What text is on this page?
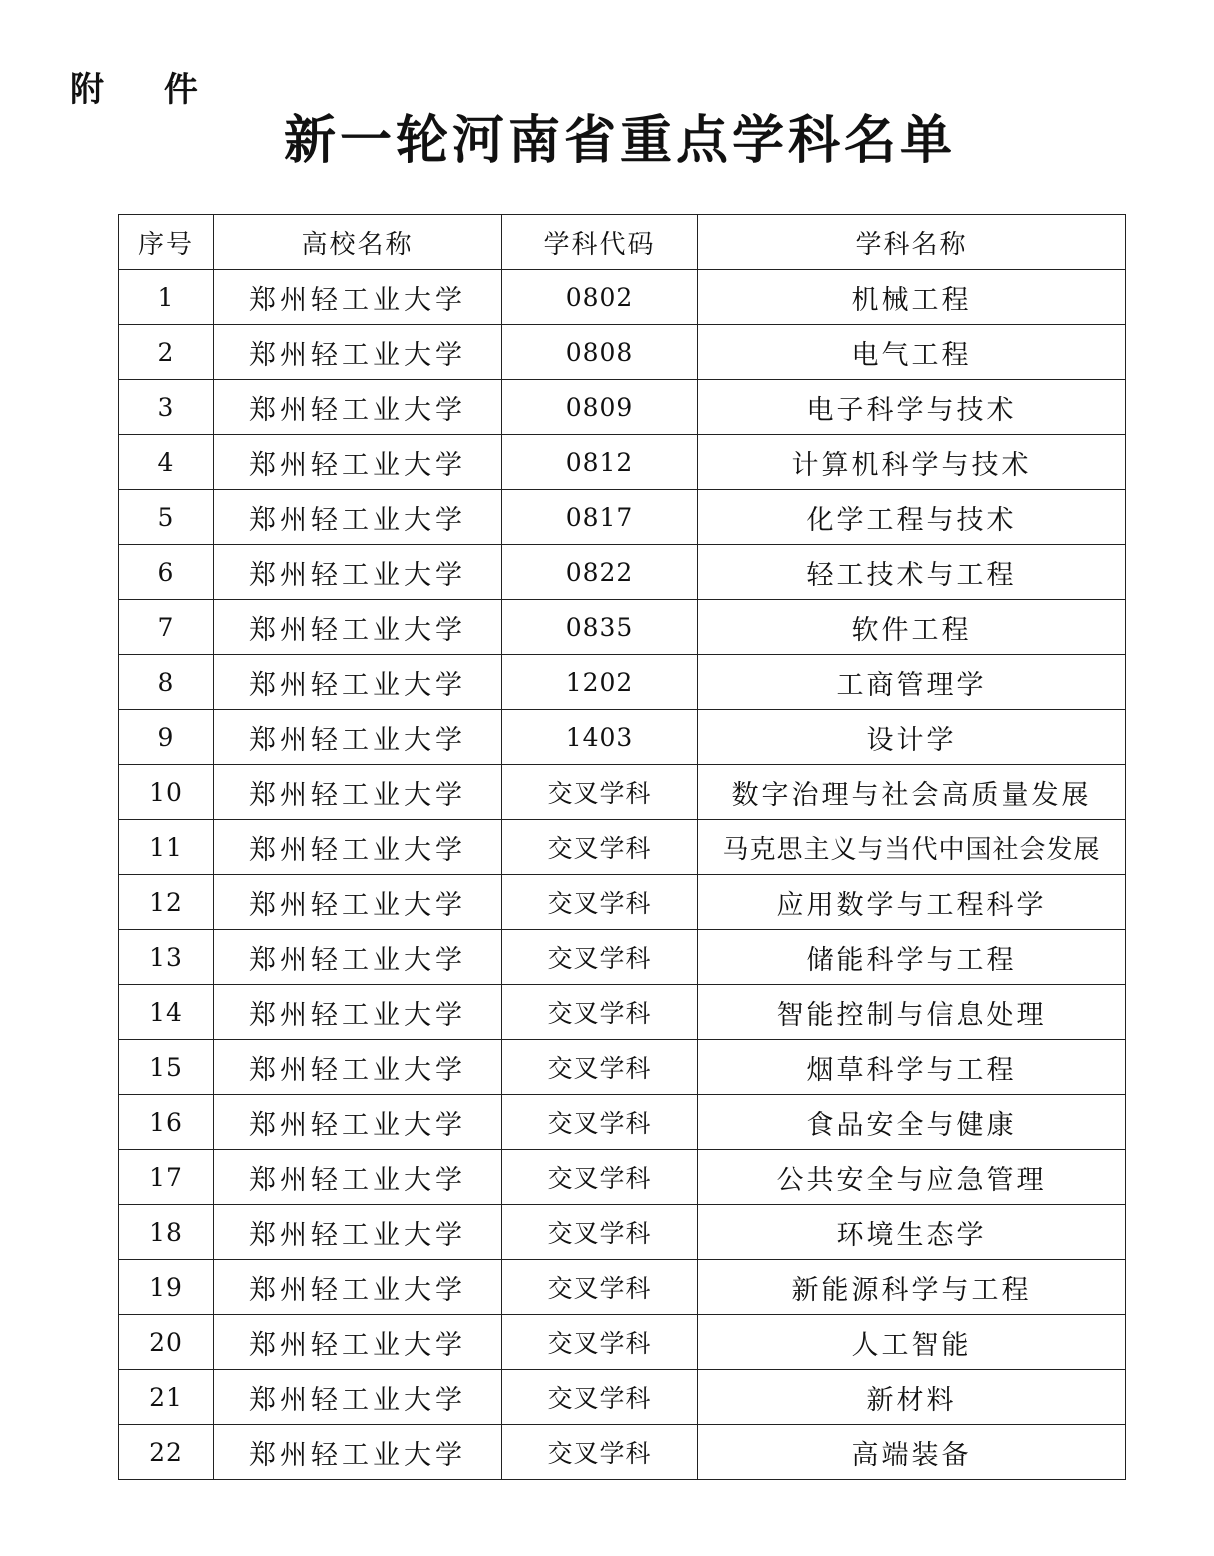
附 件
新一轮河南省重点学科名单
序号	高校名称	学科代码	学科名称
1	郑州轻工业大学	0802	机械工程
2	郑州轻工业大学	0808	电气工程
3	郑州轻工业大学	0809	电子科学与技术
4	郑州轻工业大学	0812	计算机科学与技术
5	郑州轻工业大学	0817	化学工程与技术
6	郑州轻工业大学	0822	轻工技术与工程
7	郑州轻工业大学	0835	软件工程
8	郑州轻工业大学	1202	工商管理学
9	郑州轻工业大学	1403	设计学
10	郑州轻工业大学	交叉学科	数字治理与社会高质量发展
11	郑州轻工业大学	交叉学科	马克思主义与当代中国社会发展
12	郑州轻工业大学	交叉学科	应用数学与工程科学
13	郑州轻工业大学	交叉学科	储能科学与工程
14	郑州轻工业大学	交叉学科	智能控制与信息处理
15	郑州轻工业大学	交叉学科	烟草科学与工程
16	郑州轻工业大学	交叉学科	食品安全与健康
17	郑州轻工业大学	交叉学科	公共安全与应急管理
18	郑州轻工业大学	交叉学科	环境生态学
19	郑州轻工业大学	交叉学科	新能源科学与工程
20	郑州轻工业大学	交叉学科	人工智能
21	郑州轻工业大学	交叉学科	新材料
22	郑州轻工业大学	交叉学科	高端装备
